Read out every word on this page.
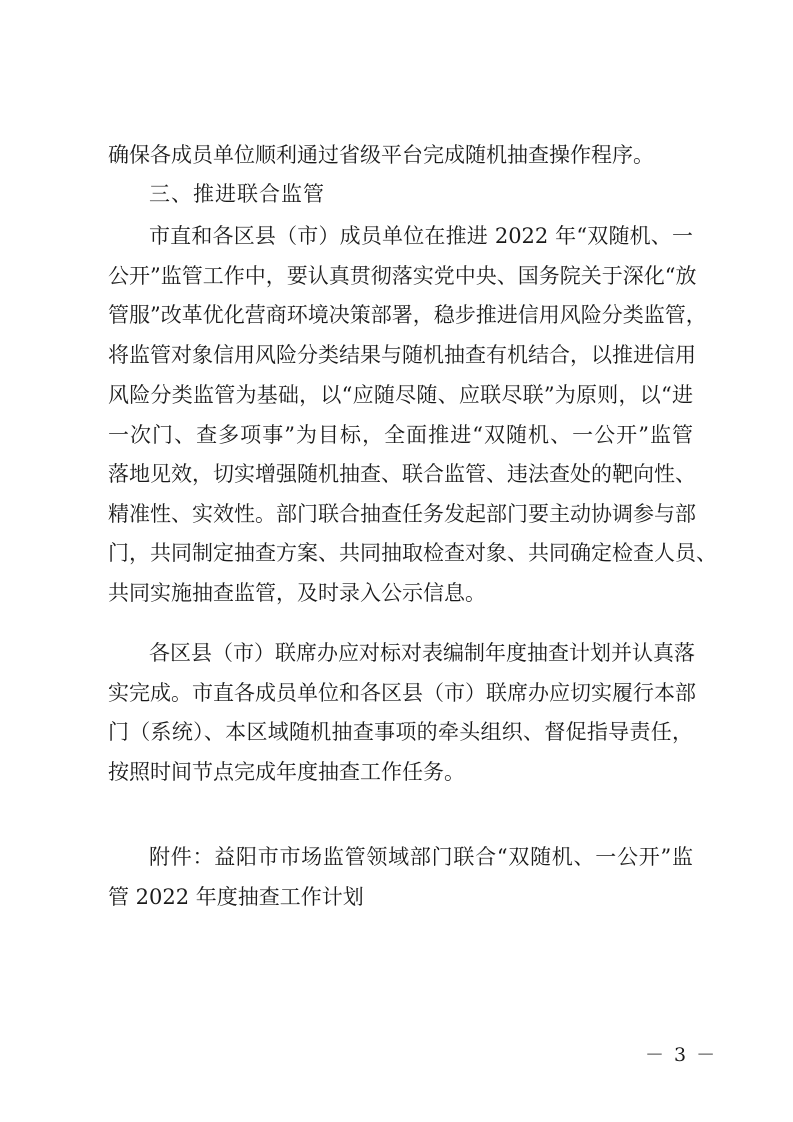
确保各成员单位顺利通过省级平台完成随机抽查操作程序。
三、推进联合监管
市直和各区县（市）成员单位在推进 2022 年“双随机、一
公开”监管工作中，要认真贯彻落实党中央、国务院关于深化“放
管服”改革优化营商环境决策部署，稳步推进信用风险分类监管，
将监管对象信用风险分类结果与随机抽查有机结合，以推进信用
风险分类监管为基础，以“应随尽随、应联尽联”为原则，以“进
一次门、查多项事”为目标，全面推进“双随机、一公开”监管
落地见效，切实增强随机抽查、联合监管、违法查处的靶向性、
精准性、实效性。部门联合抽查任务发起部门要主动协调参与部
门，共同制定抽查方案、共同抽取检查对象、共同确定检查人员、
共同实施抽查监管，及时录入公示信息。
各区县（市）联席办应对标对表编制年度抽查计划并认真落
实完成。市直各成员单位和各区县（市）联席办应切实履行本部
门（系统）、本区域随机抽查事项的牵头组织、督促指导责任，
按照时间节点完成年度抽查工作任务。
附件：益阳市市场监管领域部门联合“双随机、一公开”监
管 2022 年度抽查工作计划
－ 3 －
